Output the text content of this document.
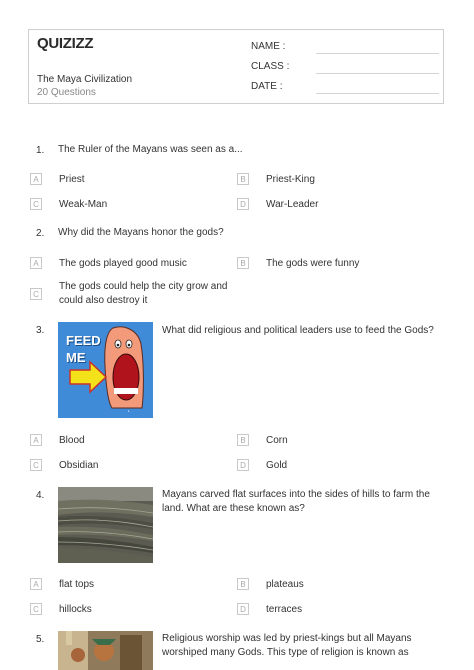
QUIZIZZ
The Maya Civilization
20 Questions
NAME :
CLASS :
DATE :
1. The Ruler of the Mayans was seen as a...
A	Priest	B	Priest-King
C	Weak-Man	D	War-Leader
2. Why did the Mayans honor the gods?
A	The gods played good music	B	The gods were funny
C
The gods could help the city grow and
could also destroy it
3.
ʟ
FEED ME
What did religious and political leaders use to feed the Gods?
A	Blood	B	Corn
C	Obsidian	D	Gold
4.	Mayans carved flat surfaces into the sides of hills to farm the
land. What are these known as?
A	flat tops	B	plateaus
C	hillocks	D	terraces
5.	Religious worship was led by priest-kings but all Mayans
worshiped many Gods. This type of religion is known as
